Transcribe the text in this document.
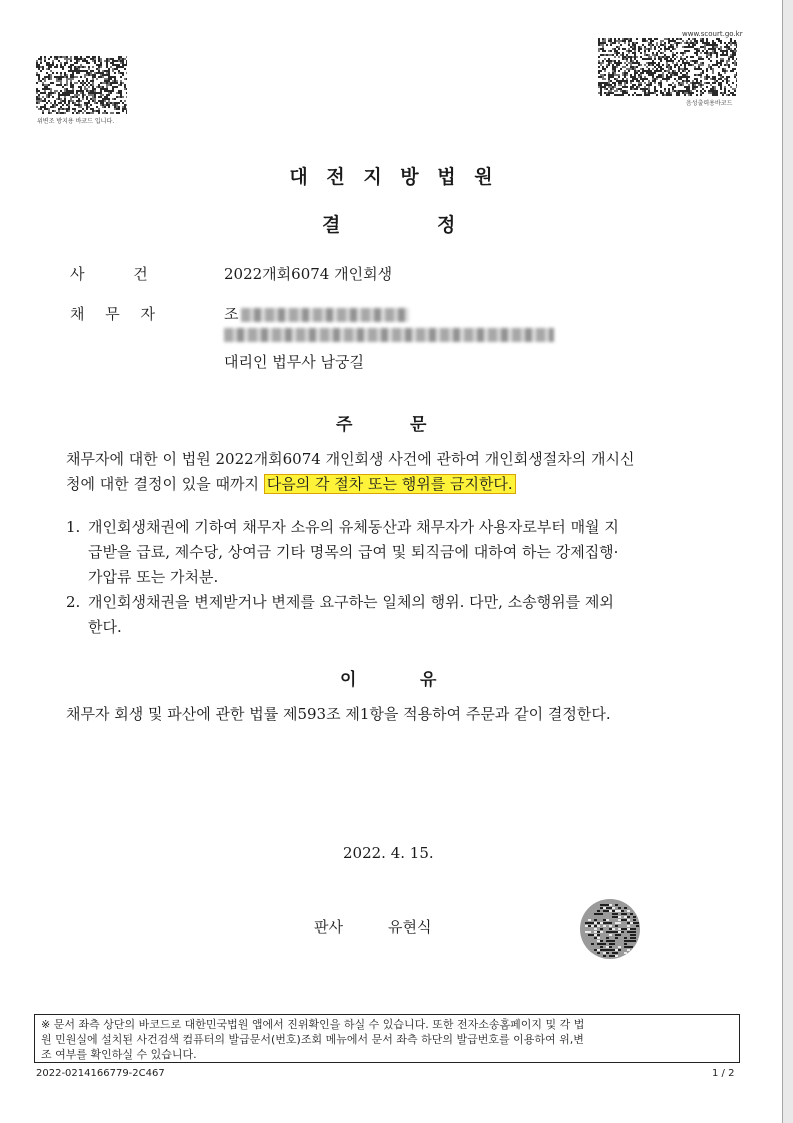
위변조 방지용 바코드 입니다.
www.scourt.go.kr
음성출력용바코드
대 전 지 방 법 원
결	정
사 건	2022개회6074 개인회생
채 무 자	조
대리인 법무사 남궁길
주	문
채무자에 대한 이 법원 2022개회6074 개인회생 사건에 관하여 개인회생절차의 개시신
청에 대한 결정이 있을 때까지 다음의 각 절차 또는 행위를 금지한다.
1. 개인회생채권에 기하여 채무자 소유의 유체동산과 채무자가 사용자로부터 매월 지
급받을 급료, 제수당, 상여금 기타 명목의 급여 및 퇴직금에 대하여 하는 강제집행·
가압류 또는 가처분.
2. 개인회생채권을 변제받거나 변제를 요구하는 일체의 행위. 다만, 소송행위를 제외
한다.
이	유
채무자 회생 및 파산에 관한 법률 제593조 제1항을 적용하여 주문과 같이 결정한다.
2022. 4. 15.
판사	유현식
※ 문서 좌측 상단의 바코드로 대한민국법원 앱에서 진위확인을 하실 수 있습니다. 또한 전자소송홈페이지 및 각 법
원 민원실에 설치된 사건검색 컴퓨터의 발급문서(번호)조회 메뉴에서 문서 좌측 하단의 발급번호를 이용하여 위,변
조 여부를 확인하실 수 있습니다.
2022-0214166779-2C467	1 / 2
